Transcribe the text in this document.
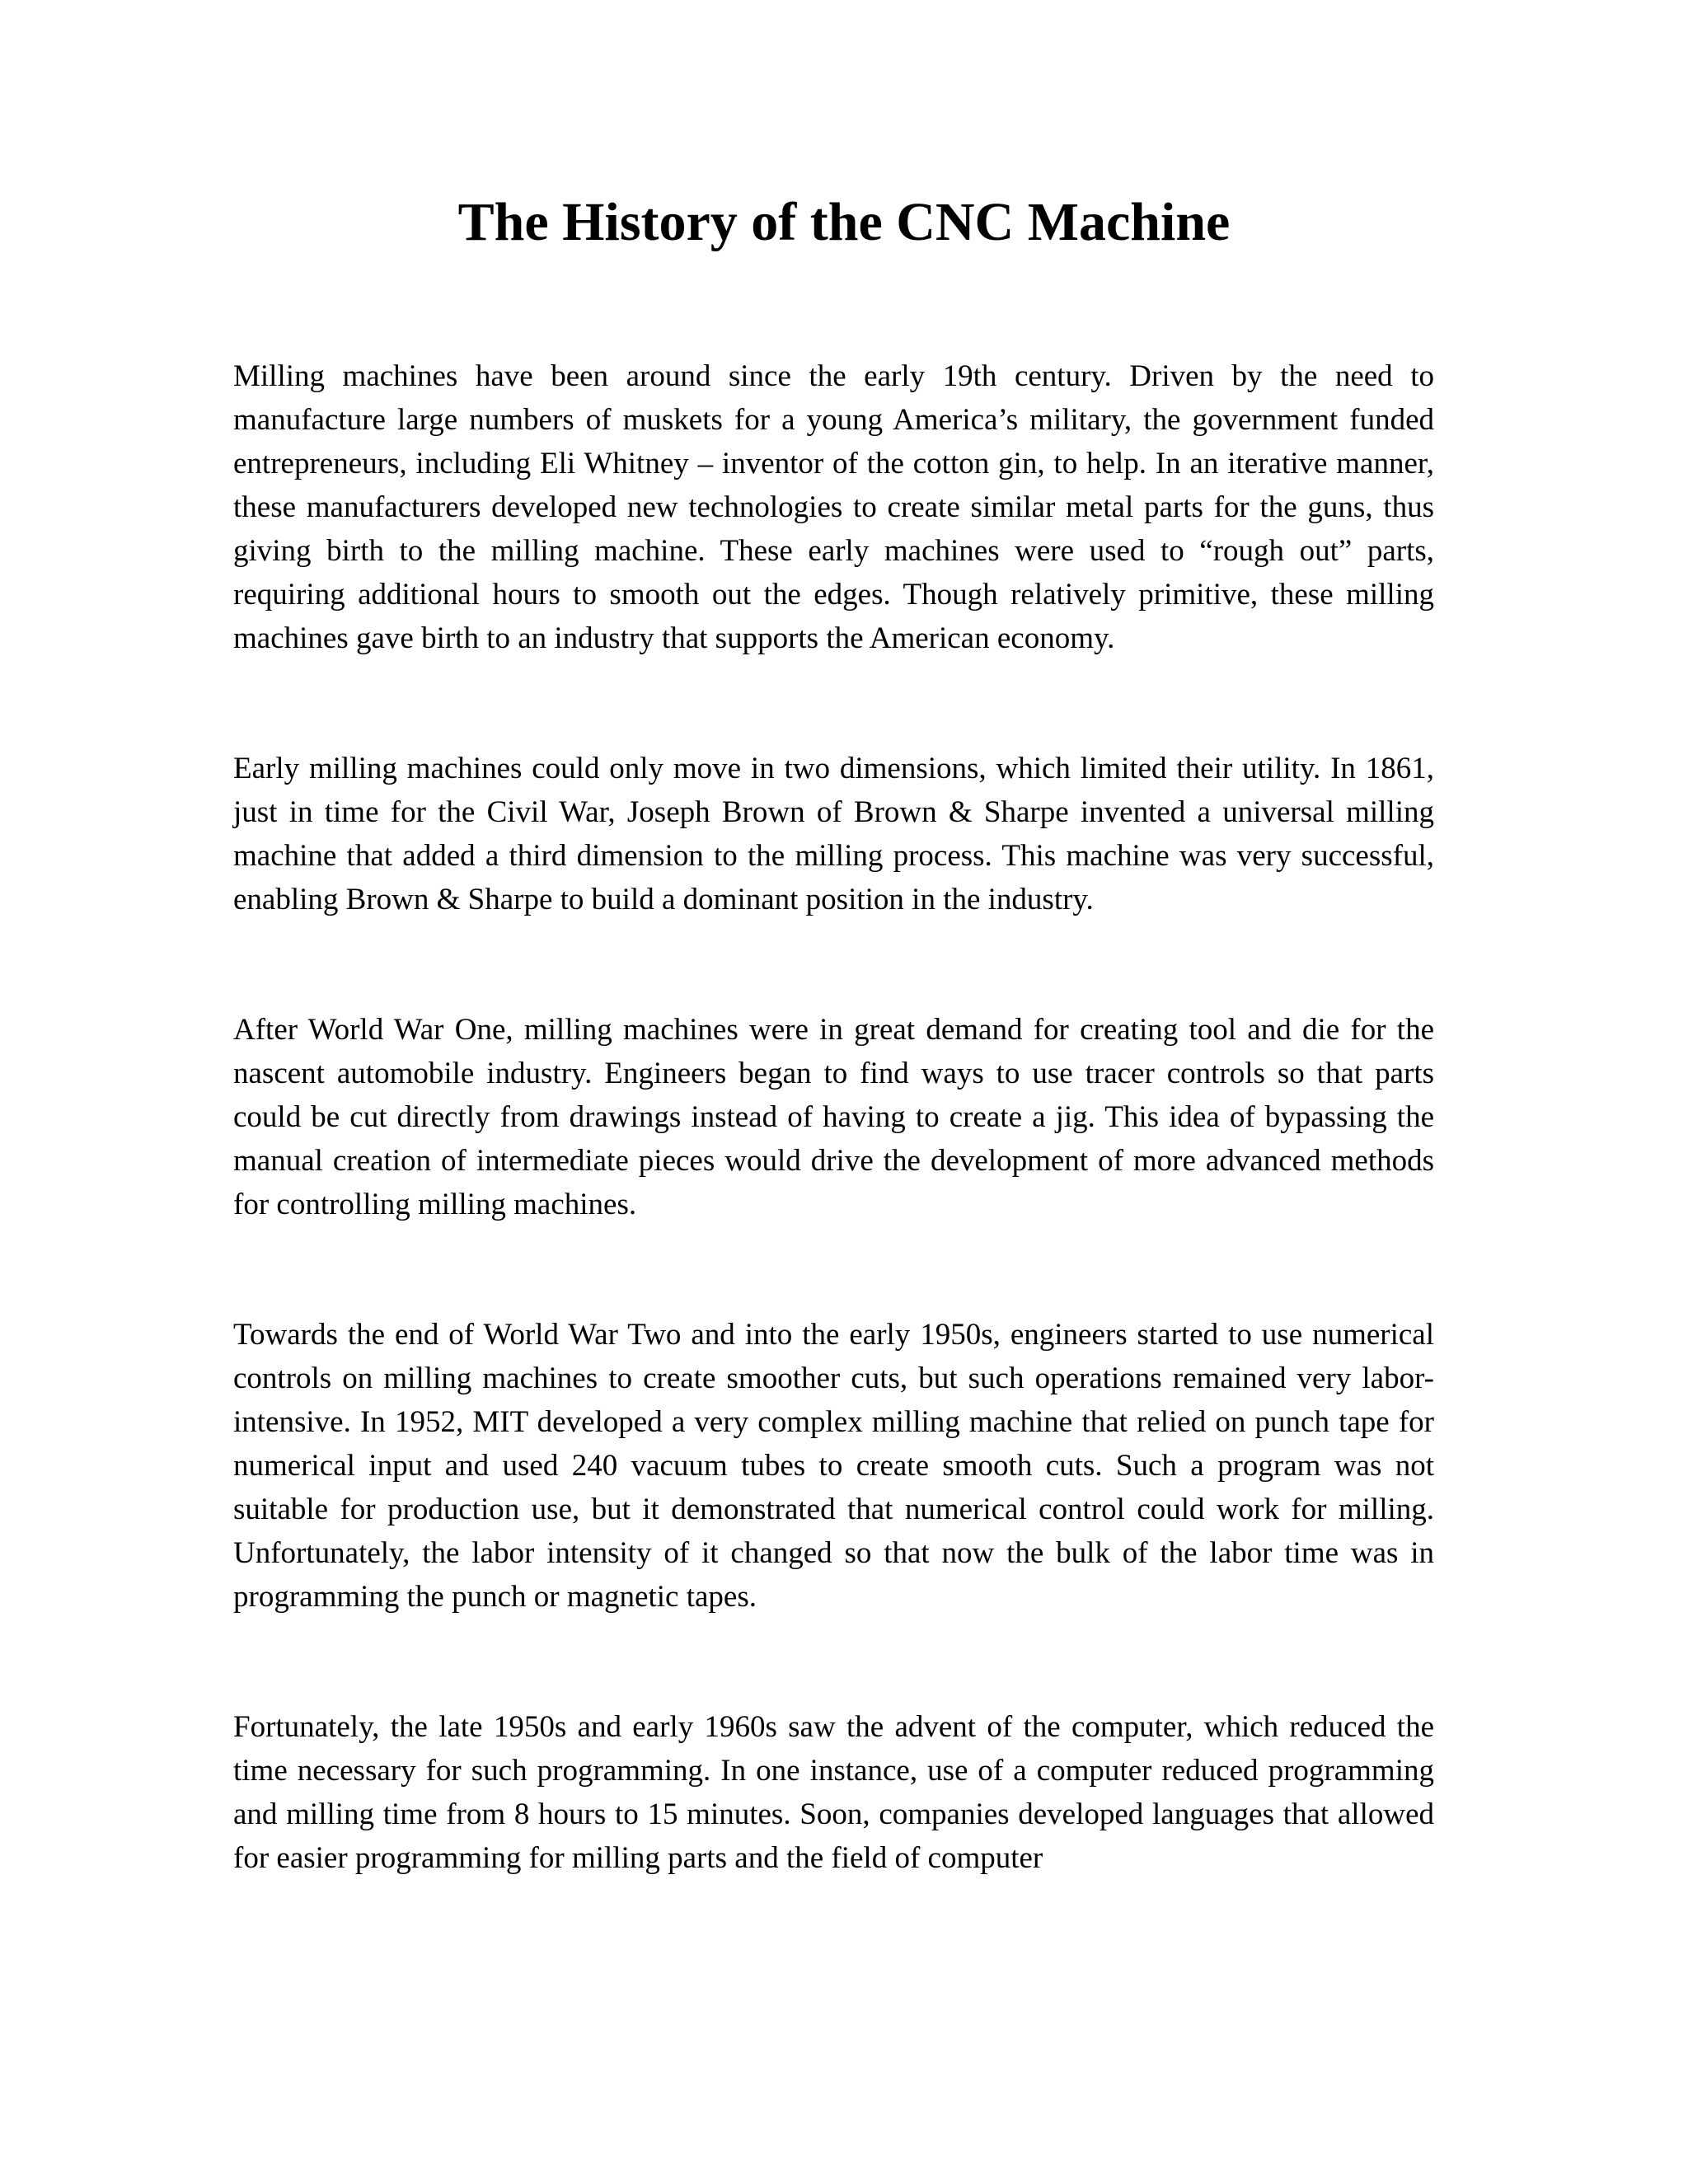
The History of the CNC Machine

Milling machines have been around since the early 19th century. Driven by the need to manufacture large numbers of muskets for a young America’s military, the government funded entrepreneurs, including Eli Whitney – inventor of the cotton gin, to help. In an iterative manner, these manufacturers developed new technologies to create similar metal parts for the guns, thus giving birth to the milling machine. These early machines were used to “rough out” parts, requiring additional hours to smooth out the edges. Though relatively primitive, these milling machines gave birth to an industry that supports the American economy.

Early milling machines could only move in two dimensions, which limited their utility. In 1861, just in time for the Civil War, Joseph Brown of Brown & Sharpe invented a universal milling machine that added a third dimension to the milling process. This machine was very successful, enabling Brown & Sharpe to build a dominant position in the industry.

After World War One, milling machines were in great demand for creating tool and die for the nascent automobile industry. Engineers began to find ways to use tracer controls so that parts could be cut directly from drawings instead of having to create a jig. This idea of bypassing the manual creation of intermediate pieces would drive the development of more advanced methods for controlling milling machines.

Towards the end of World War Two and into the early 1950s, engineers started to use numerical controls on milling machines to create smoother cuts, but such operations remained very labor-intensive. In 1952, MIT developed a very complex milling machine that relied on punch tape for numerical input and used 240 vacuum tubes to create smooth cuts. Such a program was not suitable for production use, but it demonstrated that numerical control could work for milling. Unfortunately, the labor intensity of it changed so that now the bulk of the labor time was in programming the punch or magnetic tapes.

Fortunately, the late 1950s and early 1960s saw the advent of the computer, which reduced the time necessary for such programming. In one instance, use of a computer reduced programming and milling time from 8 hours to 15 minutes. Soon, companies developed languages that allowed for easier programming for milling parts and the field of computer
